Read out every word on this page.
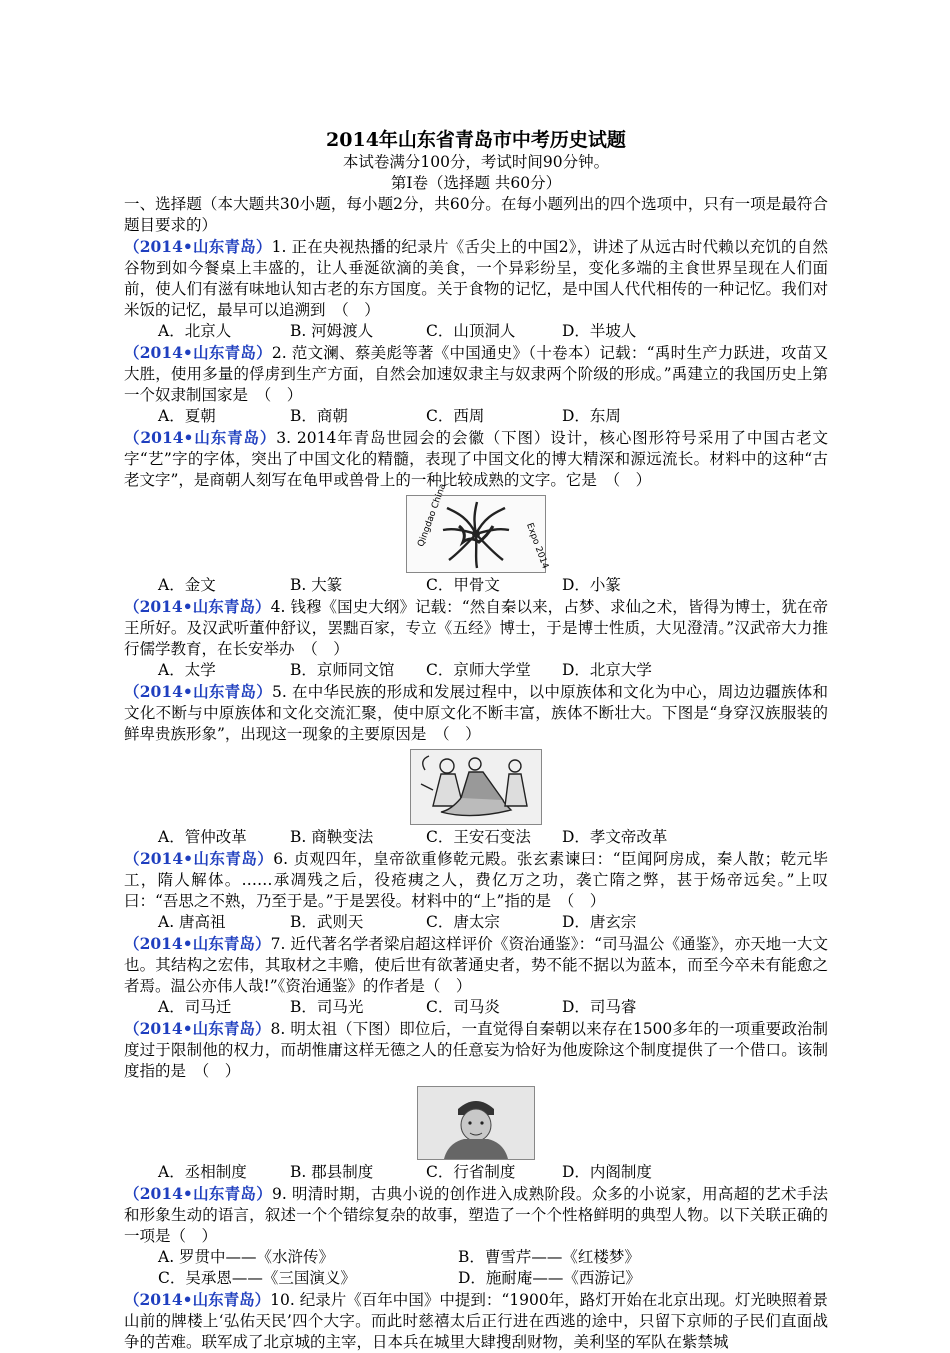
2014年山东省青岛市中考历史试题
本试卷满分100分，考试时间90分钟。
第Ⅰ卷（选择题 共60分）
一、选择题（本大题共30小题，每小题2分，共60分。在每小题列出的四个选项中，只有一项是最符合题目要求的）

（2014•山东青岛）1. 正在央视热播的纪录片《舌尖上的中国2》，讲述了从远古时代赖以充饥的自然谷物到如今餐桌上丰盛的，让人垂涎欲滴的美食，一个异彩纷呈，变化多端的主食世界呈现在人们面前，使人们有滋有味地认知古老的东方国度。关于食物的记忆，是中国人代代相传的一种记忆。我们对米饭的记忆，最早可以追溯到　（　）

A．北京人	B. 河姆渡人	C．山顶洞人	D．半坡人

（2014•山东青岛）2. 范文澜、蔡美彪等著《中国通史》（十卷本）记载：“禹时生产力跃进，攻苗又大胜，使用多量的俘虏到生产方面，自然会加速奴隶主与奴隶两个阶级的形成。”禹建立的我国历史上第一个奴隶制国家是　（　）

A．夏朝	B．商朝	C．西周	D．东周

（2014•山东青岛）3. 2014年青岛世园会的会徽（下图）设计，核心图形符号采用了中国古老文字“艺”字的字体，突出了中国文化的精髓，表现了中国文化的博大精深和源远流长。材料中的这种“古老文字”，是商朝人刻写在龟甲或兽骨上的一种比较成熟的文字。它是　（　）

Qingdao China	Expo 2014
A．金文	B. 大篆	C．甲骨文	D．小篆

（2014•山东青岛）4. 钱穆《国史大纲》记载：“然自秦以来，占梦、求仙之术，皆得为博士，犹在帝王所好。及汉武听董仲舒议，罢黜百家，专立《五经》博士，于是博士性质，大见澄清。”汉武帝大力推行儒学教育，在长安举办　（　）

A．太学	B．京师同文馆	C．京师大学堂	D．北京大学

（2014•山东青岛）5. 在中华民族的形成和发展过程中，以中原族体和文化为中心，周边边疆族体和文化不断与中原族体和文化交流汇聚，使中原文化不断丰富，族体不断壮大。下图是“身穿汉族服装的鲜卑贵族形象”，出现这一现象的主要原因是　（　）

A．管仲改革	B. 商鞅变法	C．王安石变法	D．孝文帝改革

（2014•山东青岛）6. 贞观四年，皇帝欲重修乾元殿。张玄素谏曰：“臣闻阿房成，秦人散；乾元毕工，隋人解体。……承凋残之后，役疮痍之人，费亿万之功，袭亡隋之弊，甚于炀帝远矣。”上叹曰：“吾思之不熟，乃至于是。”于是罢役。材料中的“上”指的是　（　）

A. 唐高祖	B．武则天	C．唐太宗	D．唐玄宗

（2014•山东青岛）7. 近代著名学者梁启超这样评价《资治通鉴》：“司马温公《通鉴》，亦天地一大文也。其结构之宏伟，其取材之丰赡，使后世有欲著通史者，势不能不据以为蓝本，而至今卒未有能愈之者焉。温公亦伟人哉!”《资治通鉴》的作者是（　）

A．司马迁	B．司马光	C．司马炎	D．司马睿

（2014•山东青岛）8. 明太祖（下图）即位后，一直觉得自秦朝以来存在1500多年的一项重要政治制度过于限制他的权力，而胡惟庸这样无德之人的任意妄为恰好为他废除这个制度提供了一个借口。该制度指的是　（　）

A．丞相制度	B. 郡县制度	C．行省制度	D．内阁制度

（2014•山东青岛）9. 明清时期，古典小说的创作进入成熟阶段。众多的小说家，用高超的艺术手法和形象生动的语言，叙述一个个错综复杂的故事，塑造了一个个性格鲜明的典型人物。以下关联正确的一项是（　）

A. 罗贯中——《水浒传》	B．曹雪芹——《红楼梦》
C．吴承恩——《三国演义》	D．施耐庵——《西游记》

（2014•山东青岛）10. 纪录片《百年中国》中提到：“1900年，路灯开始在北京出现。灯光映照着景山前的牌楼上‘弘佑天民’四个大字。而此时慈禧太后正行进在西逃的途中，只留下京师的子民们直面战争的苦难。联军成了北京城的主宰，日本兵在城里大肆搜刮财物，美利坚的军队在紫禁城
